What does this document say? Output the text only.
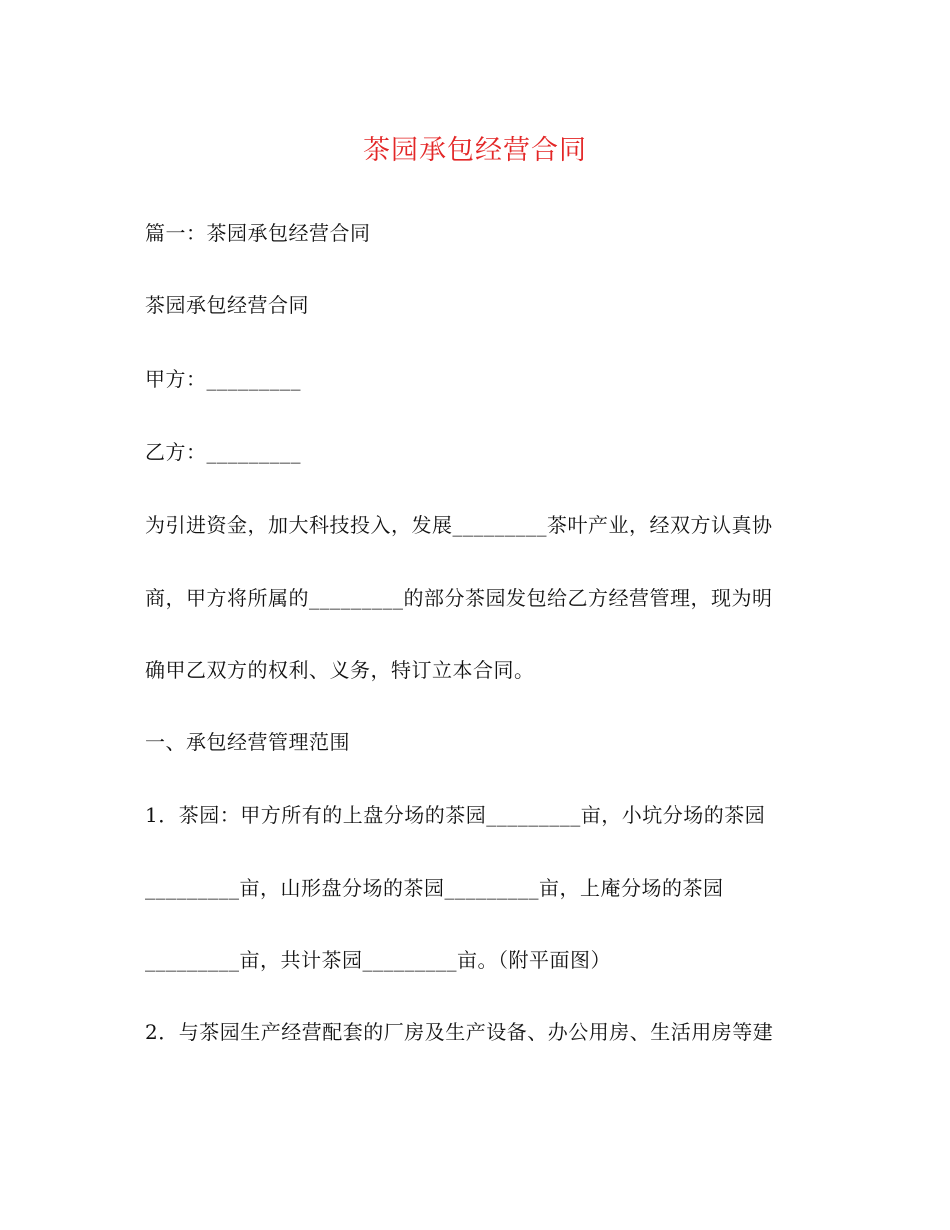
茶园承包经营合同
篇一：茶园承包经营合同
茶园承包经营合同
甲方：_________
乙方：_________
为引进资金，加大科技投入，发展_________茶叶产业，经双方认真协
商，甲方将所属的_________的部分茶园发包给乙方经营管理，现为明
确甲乙双方的权利、义务，特订立本合同。
一、承包经营管理范围
1．茶园：甲方所有的上盘分场的茶园_________亩，小坑分场的茶园
_________亩，山形盘分场的茶园_________亩，上庵分场的茶园
_________亩，共计茶园_________亩。（附平面图）
2．与茶园生产经营配套的厂房及生产设备、办公用房、生活用房等建
